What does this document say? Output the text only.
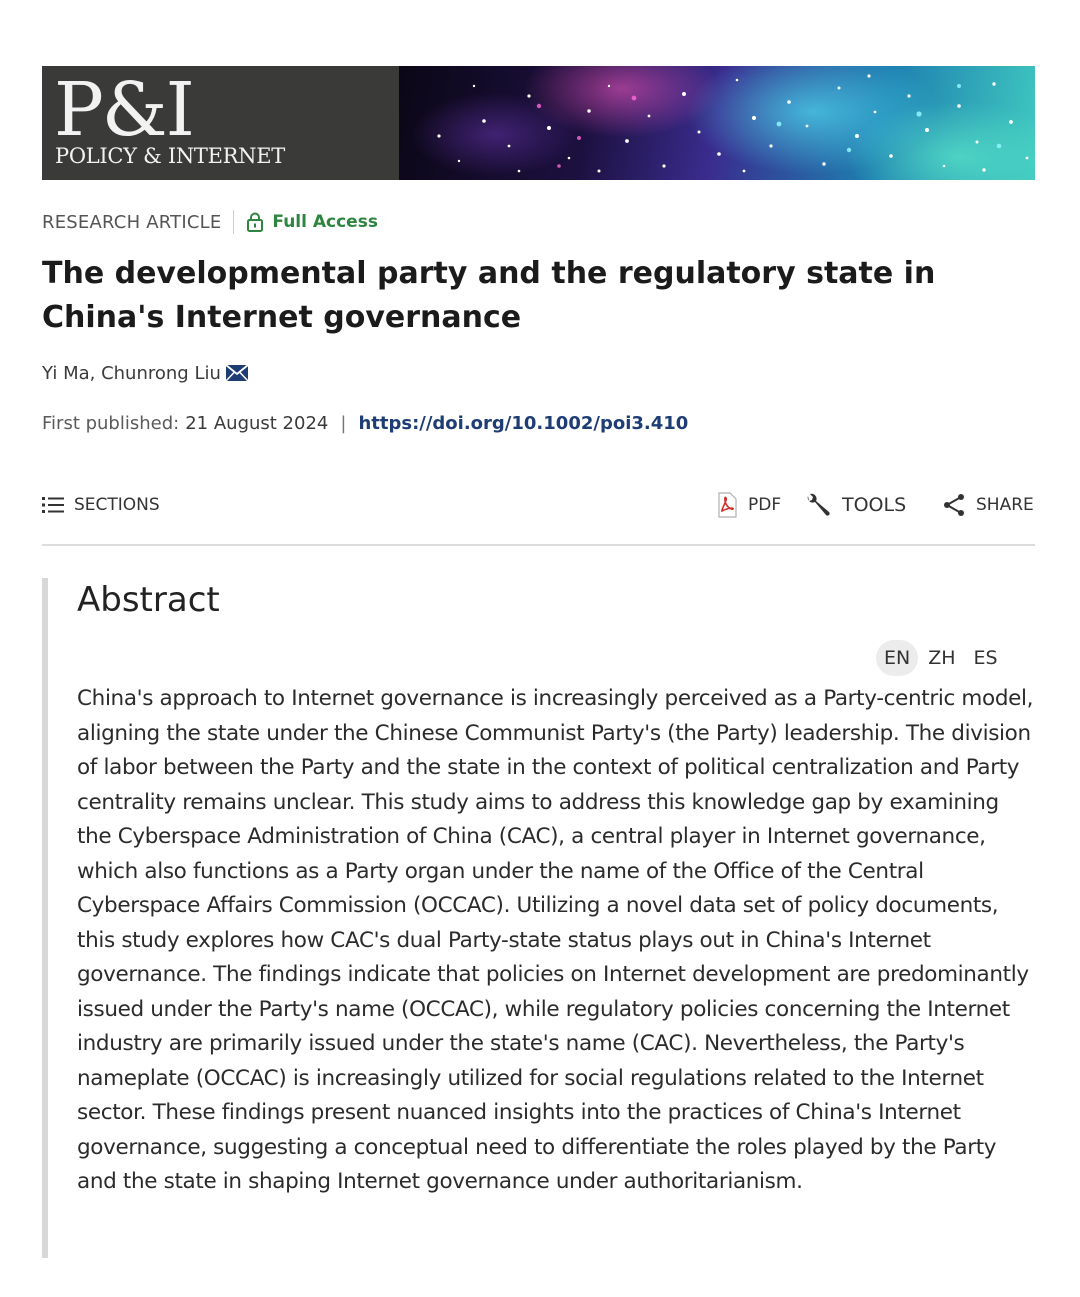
P&I
POLICY & INTERNET
RESEARCH ARTICLE	Full Access
The developmental party and the regulatory state in China's Internet governance
Yi Ma, Chunrong Liu
First published: 21 August 2024 | https://doi.org/10.1002/poi3.410
SECTIONS	PDF	TOOLS	SHARE
Abstract
EN ZH ES

China's approach to Internet governance is increasingly perceived as a Party-centric model, aligning the state under the Chinese Communist Party's (the Party) leadership. The division of labor between the Party and the state in the context of political centralization and Party centrality remains unclear. This study aims to address this knowledge gap by examining the Cyberspace Administration of China (CAC), a central player in Internet governance, which also functions as a Party organ under the name of the Office of the Central Cyberspace Affairs Commission (OCCAC). Utilizing a novel data set of policy documents, this study explores how CAC's dual Party-state status plays out in China's Internet governance. The findings indicate that policies on Internet development are predominantly issued under the Party's name (OCCAC), while regulatory policies concerning the Internet industry are primarily issued under the state's name (CAC). Nevertheless, the Party's nameplate (OCCAC) is increasingly utilized for social regulations related to the Internet sector. These findings present nuanced insights into the practices of China's Internet governance, suggesting a conceptual need to differentiate the roles played by the Party and the state in shaping Internet governance under authoritarianism.
